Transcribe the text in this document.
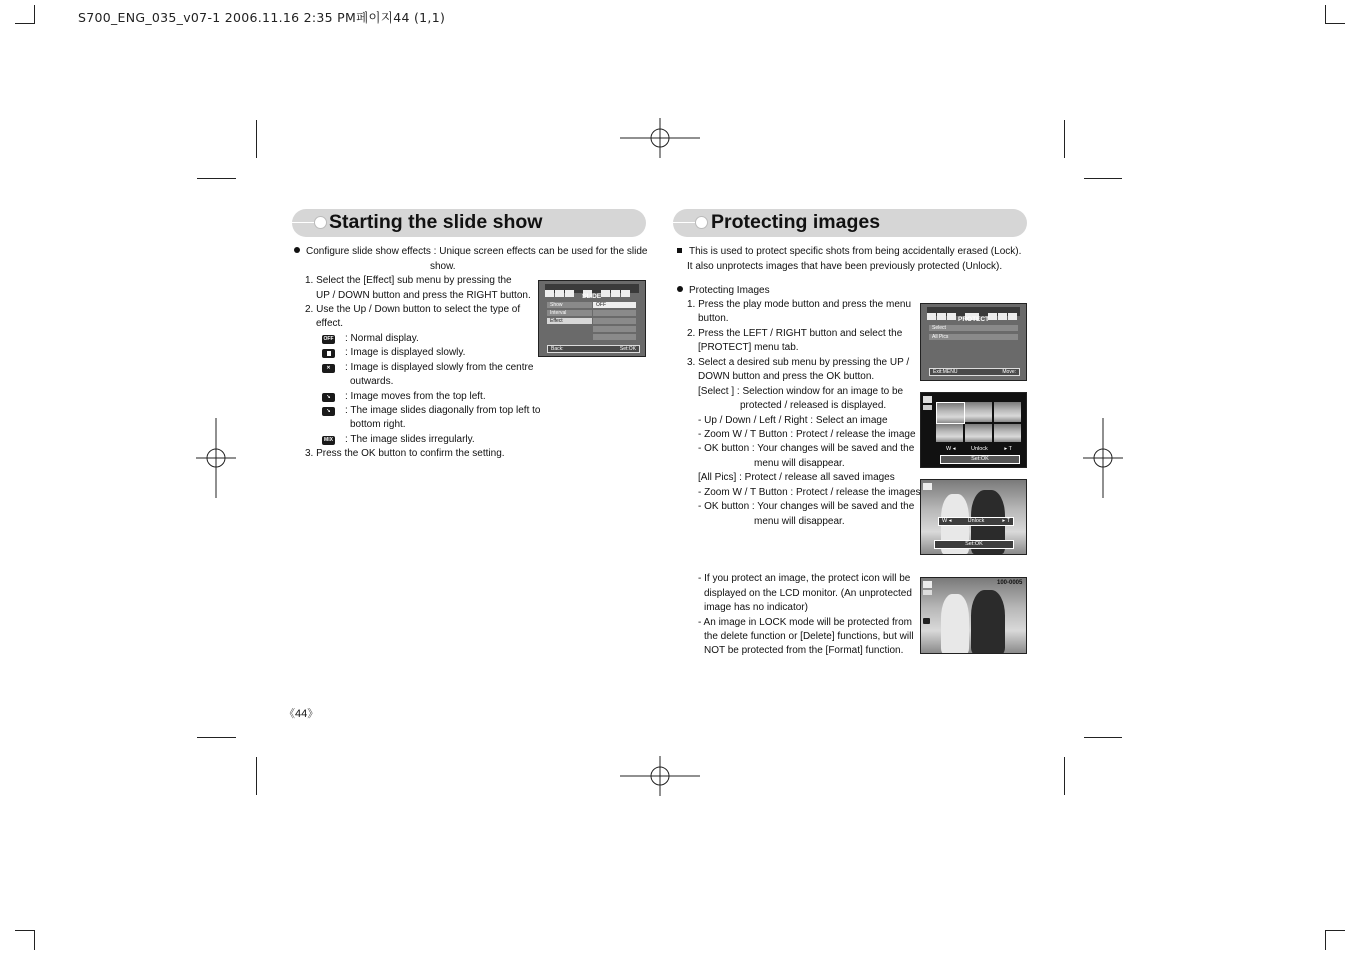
S700_ENG_035_v07-1 2006.11.16 2:35 PM페이지44 (1,1)
Starting the slide show
Configure slide show effects : Unique screen effects can be used for the slide
show.
1. Select the [Effect] sub menu by pressing the
UP / DOWN button and press the RIGHT button.
2. Use the Up / Down button to select the type of
effect.
OFF : Normal display.
: Image is displayed slowly.
✕	: Image is displayed slowly from the centre
outwards.
↘	: Image moves from the top left.
↘	: The image slides diagonally from top left to
bottom right.
MIX : The image slides irregularly.
3. Press the OK button to confirm the setting.
SLIDE
Show
Interval
Effect
OFF
Back:	Set:OK
《44》
Protecting images
This is used to protect specific shots from being accidentally erased (Lock).
It also unprotects images that have been previously protected (Unlock).
Protecting Images
1. Press the play mode button and press the menu
button.
2. Press the LEFT / RIGHT button and select the
[PROTECT] menu tab.
3. Select a desired sub menu by pressing the UP /
DOWN button and press the OK button.
[Select ] : Selection window for an image to be
protected / released is displayed.
- Up / Down / Left / Right : Select an image
- Zoom W / T Button : Protect / release the image
- OK button : Your changes will be saved and the
menu will disappear.
[All Pics] : Protect / release all saved images
- Zoom W / T Button : Protect / release the images
- OK button : Your changes will be saved and the
menu will disappear.
- If you protect an image, the protect icon will be
displayed on the LCD monitor. (An unprotected
image has no indicator)
- An image in LOCK mode will be protected from
the delete function or [Delete] functions, but will
NOT be protected from the [Format] function.
PROTECT
Select
All Pics
Exit:MENU	Move:
W ◂	Unlock	▸ T
Set:OK
W ◂	Unlock	▸ T
Set:OK
100-0005
